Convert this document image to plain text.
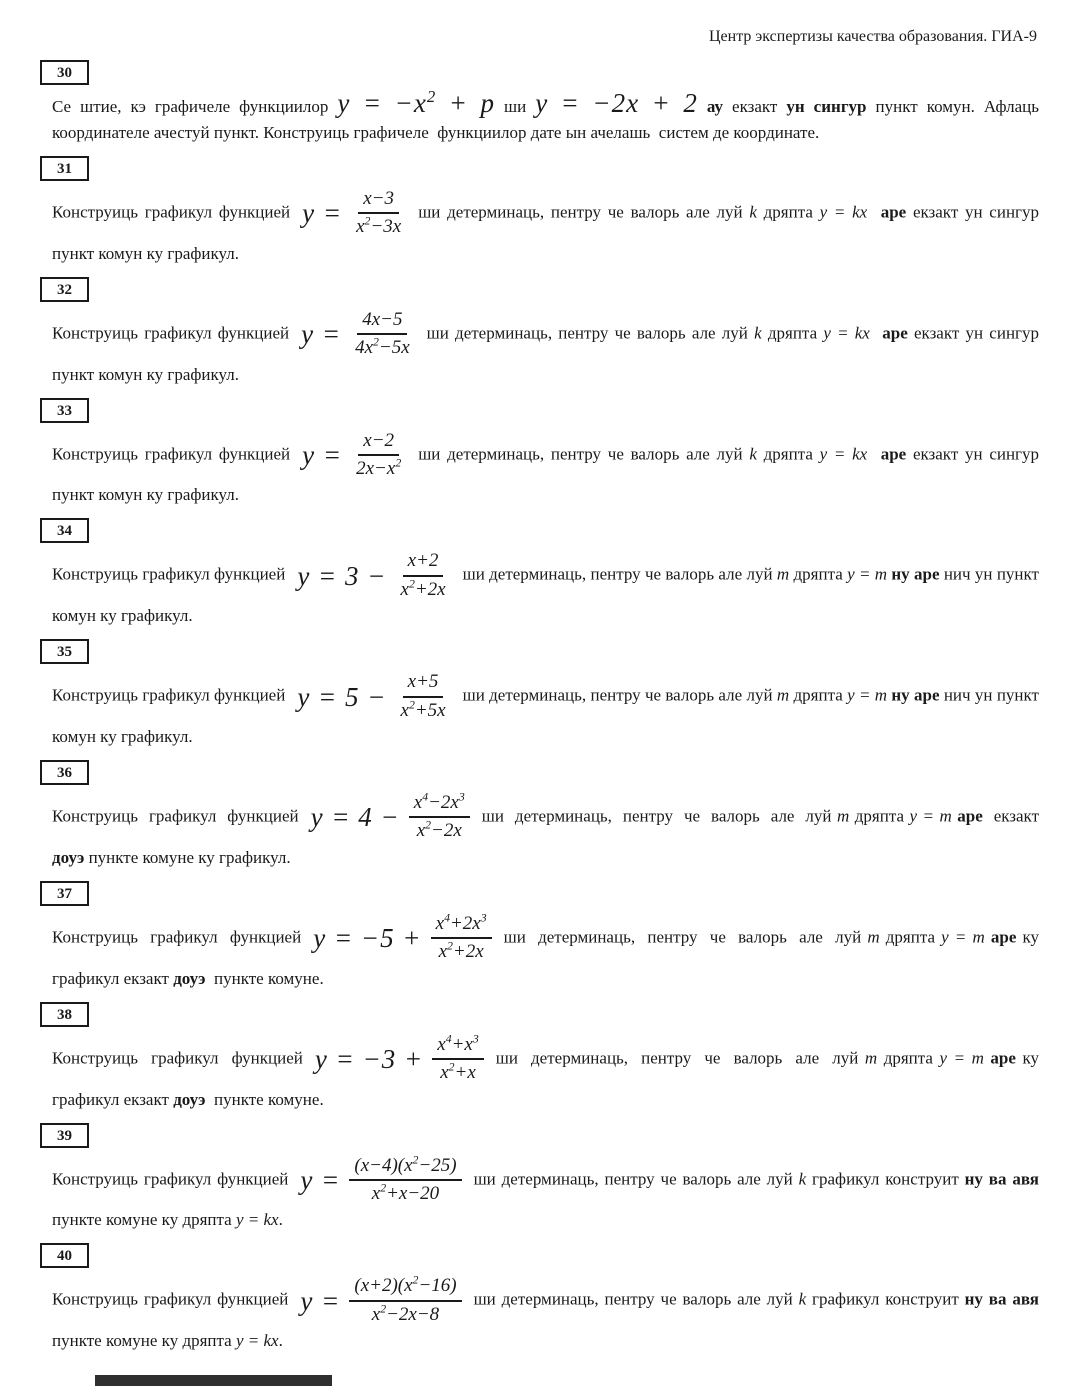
Центр экспертизы качества образования. ГИА-9
30

Се штие, кэ графичеле функциилор $y = -x^2 + p$ ши y = −2x + 2 ау екзакт ун сингур пункт комун. Афлаць координателе ачестуй пункт. Конструиць графичеле  функциилор дате ын ачелашь  систем де координате.

31

Конструиць графикул функцией $y = \frac{x-3}{x^2-3x}$ ши детерминаць, пентру че валорь але луй k дряпта y = kx аре екзакт ун сингур пункт комун ку графикул.

32

Конструиць графикул функцией $y = \frac{4x-5}{4x^2-5x}$ ши детерминаць, пентру че валорь але луй k дряпта y = kx аре екзакт ун сингур пункт комун ку графикул.

33

Конструиць графикул функцией $y = \frac{x-2}{2x-x^2}$ ши детерминаць, пентру че валорь але луй k дряпта y = kx аре екзакт ун сингур пункт комун ку графикул.

34

Конструиць графикул функцией $y = 3 - \frac{x+2}{x^2+2x}$ ши детерминаць, пентру че валорь але луй m дряпта y = m ну аре нич ун пункт комун ку графикул.

35

Конструиць графикул функцией $y = 5 - \frac{x+5}{x^2+5x}$ ши детерминаць, пентру че валорь але луй m дряпта y = m ну аре нич ун пункт комун ку графикул.

36

Конструиць  графикул  функцией $y = 4 - \frac{x^4-2x^3}{x^2-2x}$ ши  детерминаць,  пентру  че  валорь  але  луй m дряпта y = m аре  екзакт доуэ пункте комуне ку графикул.

37

Конструиць  графикул  функцией $y = -5 + \frac{x^4+2x^3}{x^2+2x}$ ши  детерминаць,  пентру  че  валорь  але  луй m дряпта y = m аре ку графикул екзакт доуэ  пункте комуне.

38

Конструиць  графикул  функцией $y = -3 + \frac{x^4+x^3}{x^2+x}$ ши  детерминаць,  пентру  че  валорь  але  луй m дряпта y = m аре ку графикул екзакт доуэ  пункте комуне.

39

Конструиць графикул функцией $y = \frac{(x-4)(x^2-25)}{x^2+x-20}$ ши детерминаць, пентру че валорь але луй k графикул конструит ну ва авя пункте комуне ку дряпта y = kx.

40

Конструиць графикул функцией $y = \frac{(x+2)(x^2-16)}{x^2-2x-8}$ ши детерминаць, пентру че валорь але луй k графикул конструит ну ва авя пункте комуне ку дряпта y = kx.
